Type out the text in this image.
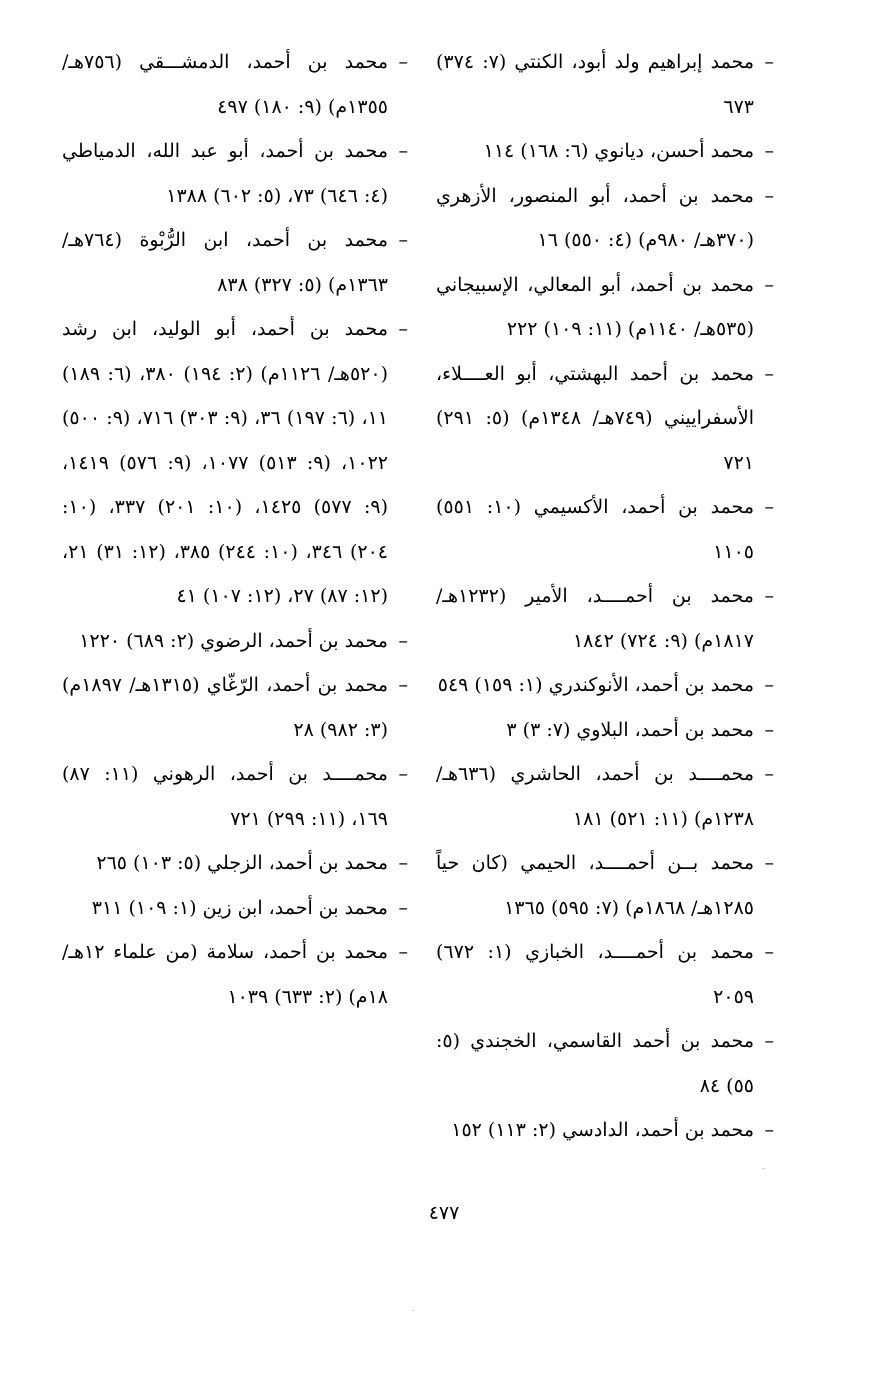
– محمد إبراهيم ولد أبود، الكنتي (٧: ٣٧٤) ٦٧٣
– محمد أحسن، ديانوي (٦: ١٦٨) ١١٤
– محمد بن أحمد، أبو المنصور، الأزهري (٣٧٠هـ/ ٩٨٠م) (٤: ٥٥٠) ١٦
– محمد بن أحمد، أبو المعالي، الإسبيجاني (٥٣٥هـ/ ١١٤٠م) (١١: ١٠٩) ٢٢٢
– محمد بن أحمد البهشتي، أبو العــــلاء، الأسفراييني (٧٤٩هـ/ ١٣٤٨م) (٥: ٢٩١) ٧٢١
– محمد بن أحمد، الأكسيمي (١٠: ٥٥١) ١١٠٥
– محمد بن أحمــــد، الأمير (١٢٣٢هـ/ ١٨١٧م) (٩: ٧٢٤) ١٨٤٢
– محمد بن أحمد، الأنوكندري (١: ١٥٩) ٥٤٩
– محمد بن أحمد، البلاوي (٧: ٣) ٣
– محمــــد بن أحمد، الحاشري (٦٣٦هـ/ ١٢٣٨م) (١١: ٥٢١) ١٨١
– محمد بــن أحمــــد، الحيمي (كان حياً ١٢٨٥هـ/ ١٨٦٨م) (٧: ٥٩٥) ١٣٦٥
– محمد بن أحمــــد، الخبازي (١: ٦٧٢) ٢٠٥٩
– محمد بن أحمد القاسمي، الخجندي (٥: ٥٥) ٨٤
– محمد بن أحمد، الدادسي (٢: ١١٣) ١٥٢
– محمد بن أحمد، الدمشـــقي (٧٥٦هـ/ ١٣٥٥م) (٩: ١٨٠) ٤٩٧
– محمد بن أحمد، أبو عبد الله، الدمياطي (٤: ٦٤٦) ٧٣، (٥: ٦٠٢) ١٣٨٨
– محمد بن أحمد، ابن الرُّبْوة (٧٦٤هـ/ ١٣٦٣م) (٥: ٣٢٧) ٨٣٨
– محمد بن أحمد، أبو الوليد، ابن رشد (٥٢٠هـ/ ١١٢٦م) (٢: ١٩٤) ٣٨٠، (٦: ١٨٩) ١١، (٦: ١٩٧) ٣٦، (٩: ٣٠٣) ٧١٦، (٩: ٥٠٠) ١٠٢٢، (٩: ٥١٣) ١٠٧٧، (٩: ٥٧٦) ١٤١٩، (٩: ٥٧٧) ١٤٢٥، (١٠: ٢٠١) ٣٣٧، (١٠: ٢٠٤) ٣٤٦، (١٠: ٢٤٤) ٣٨٥، (١٢: ٣١) ٢١، (١٢: ٨٧) ٢٧، (١٢: ١٠٧) ٤١
– محمد بن أحمد، الرضوي (٢: ٦٨٩) ١٢٢٠
– محمد بن أحمد، الرّغّاي (١٣١٥هـ/ ١٨٩٧م) (٣: ٩٨٢) ٢٨
– محمــــد بن أحمد، الرهوني (١١: ٨٧) ١٦٩، (١١: ٢٩٩) ٧٢١
– محمد بن أحمد، الزجلي (٥: ١٠٣) ٢٦٥
– محمد بن أحمد، ابن زين (١: ١٠٩) ٣١١
– محمد بن أحمد، سلامة (من علماء ١٢هـ/ ١٨م) (٢: ٦٣٣) ١٠٣٩
٤٧٧
